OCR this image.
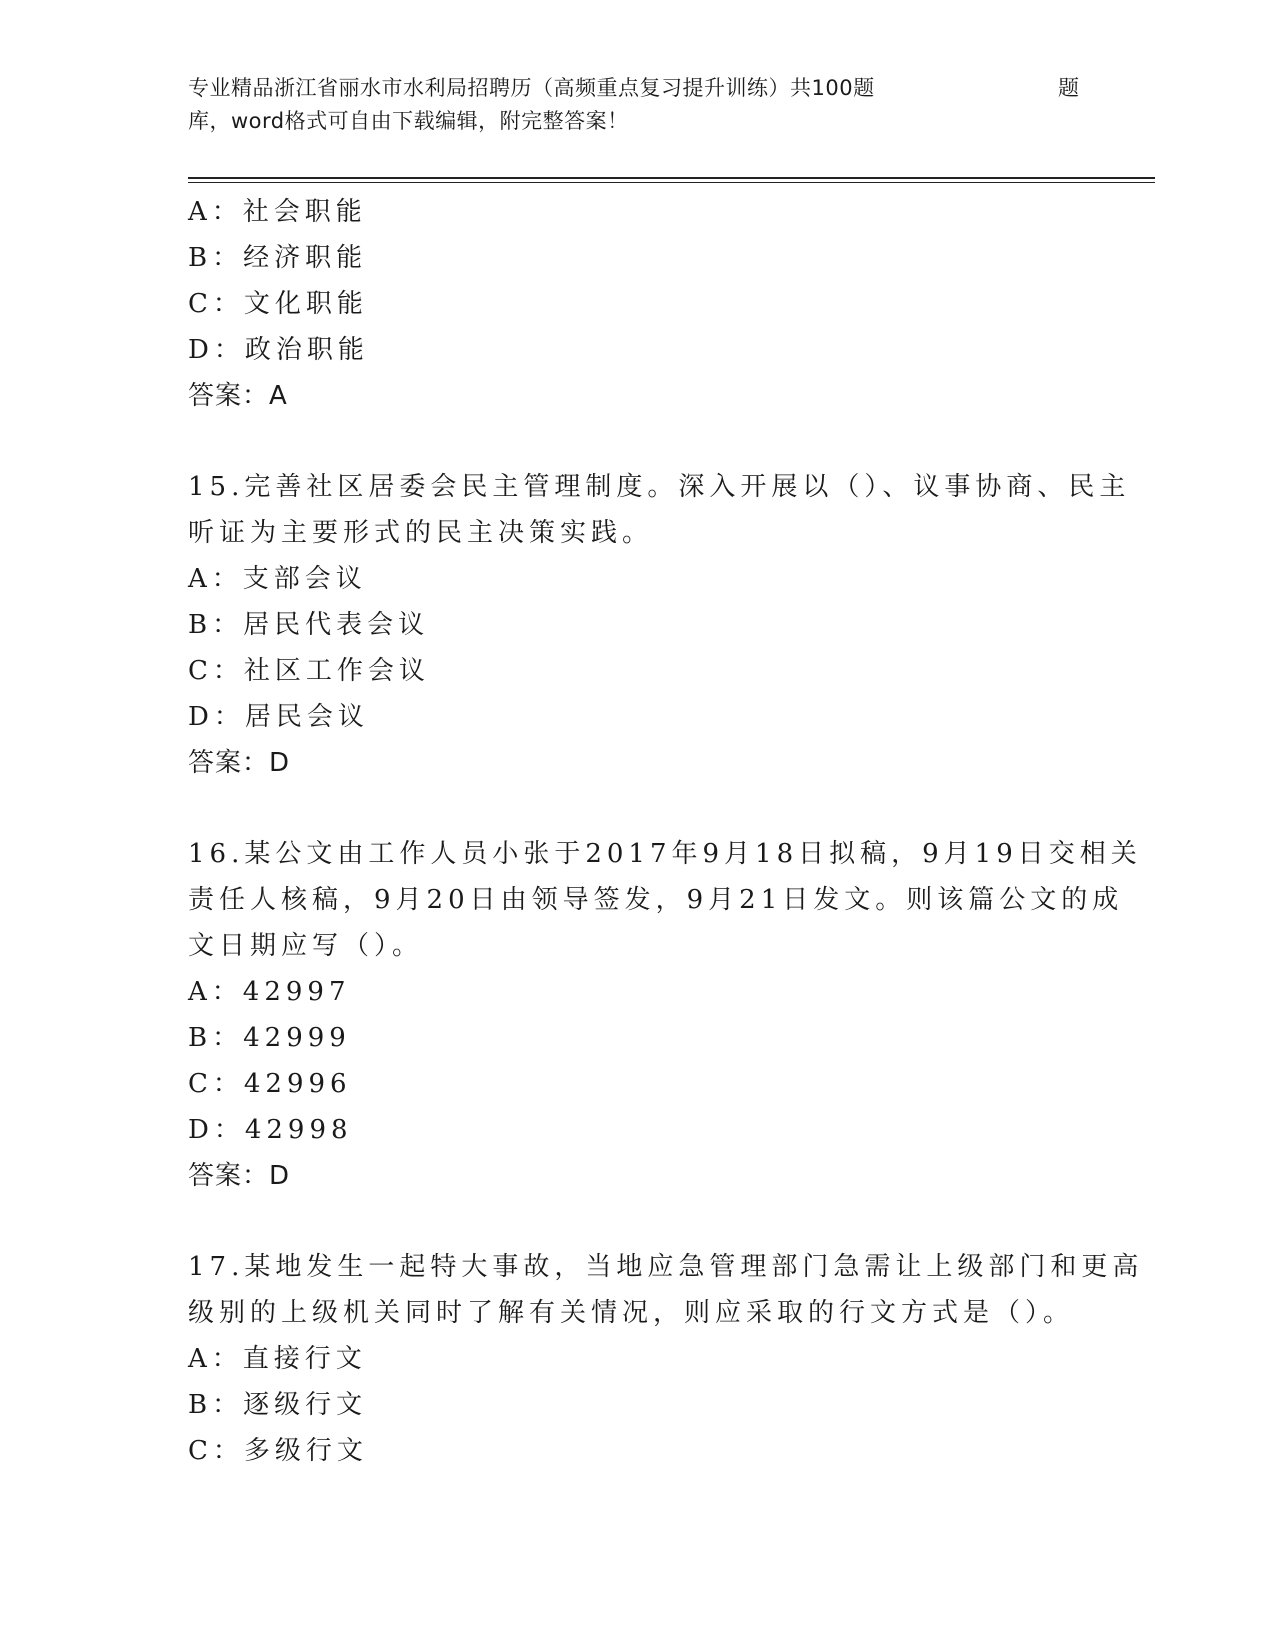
专业精品浙江省丽水市水利局招聘历（高频重点复习提升训练）共100题	题
库，word格式可自由下载编辑，附完整答案！
A：社会职能
B：经济职能
C：文化职能
D：政治职能
答案：A
15.完善社区居委会民主管理制度。深入开展以（）、议事协商、民主
听证为主要形式的民主决策实践。
A：支部会议
B：居民代表会议
C：社区工作会议
D：居民会议
答案：D
16.某公文由工作人员小张于2017年9月18日拟稿，9月19日交相关
责任人核稿，9月20日由领导签发，9月21日发文。则该篇公文的成
文日期应写（）。
A：42997
B：42999
C：42996
D：42998
答案：D
17.某地发生一起特大事故，当地应急管理部门急需让上级部门和更高
级别的上级机关同时了解有关情况，则应采取的行文方式是（）。
A：直接行文
B：逐级行文
C：多级行文
